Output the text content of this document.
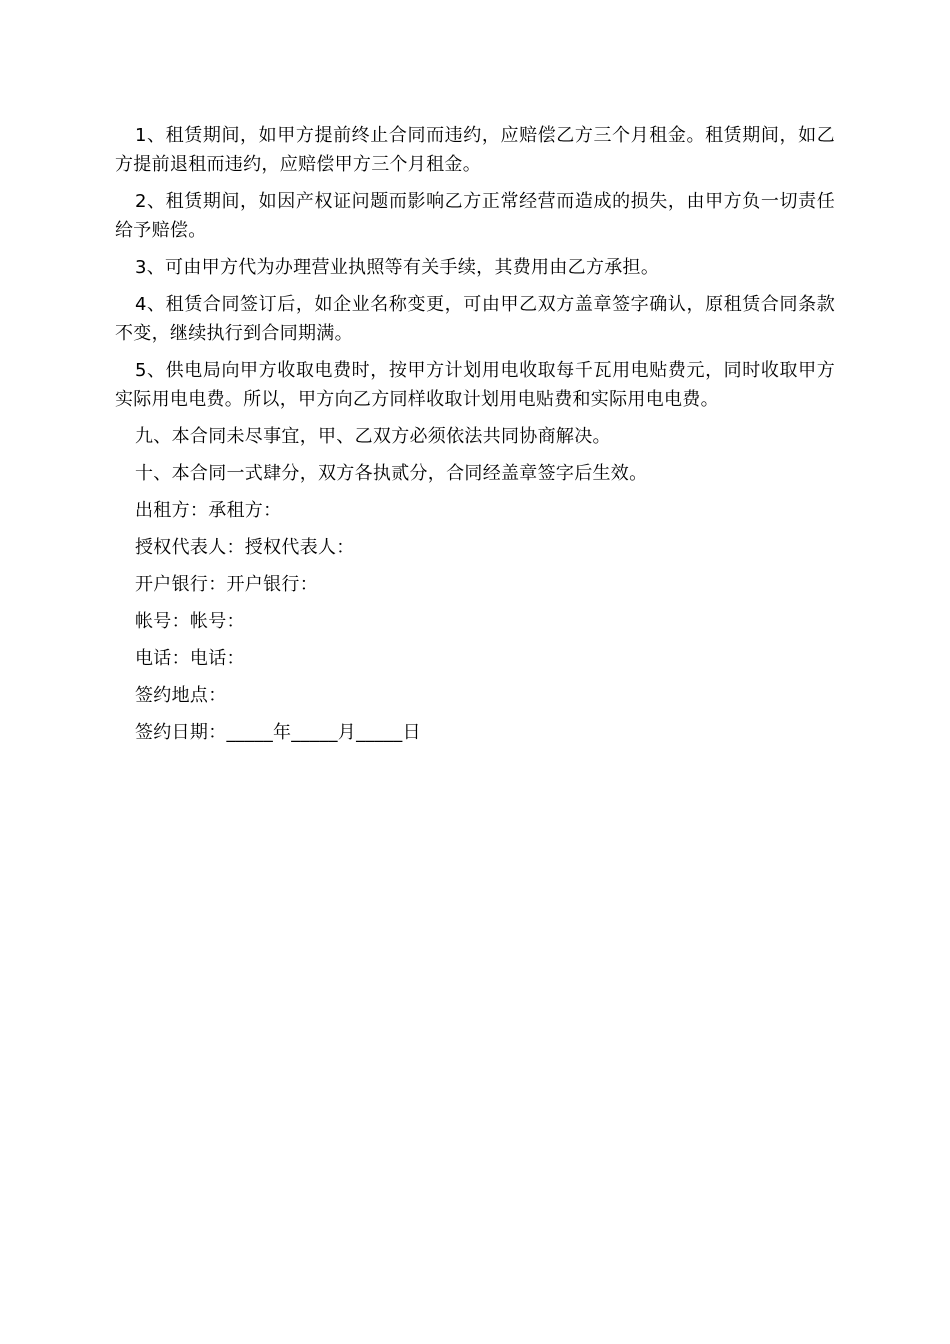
1、租赁期间，如甲方提前终止合同而违约，应赔偿乙方三个月租金。租赁期间，如乙方提前退租而违约，应赔偿甲方三个月租金。

2、租赁期间，如因产权证问题而影响乙方正常经营而造成的损失，由甲方负一切责任给予赔偿。

3、可由甲方代为办理营业执照等有关手续，其费用由乙方承担。

4、租赁合同签订后，如企业名称变更，可由甲乙双方盖章签字确认，原租赁合同条款不变，继续执行到合同期满。

5、供电局向甲方收取电费时，按甲方计划用电收取每千瓦用电贴费元，同时收取甲方实际用电电费。所以，甲方向乙方同样收取计划用电贴费和实际用电电费。

九、本合同未尽事宜，甲、乙双方必须依法共同协商解决。

十、本合同一式肆分，双方各执贰分，合同经盖章签字后生效。

出租方：承租方：

授权代表人：授权代表人：

开户银行：开户银行：

帐号：帐号：

电话：电话：

签约地点：

签约日期：_____年_____月_____日
